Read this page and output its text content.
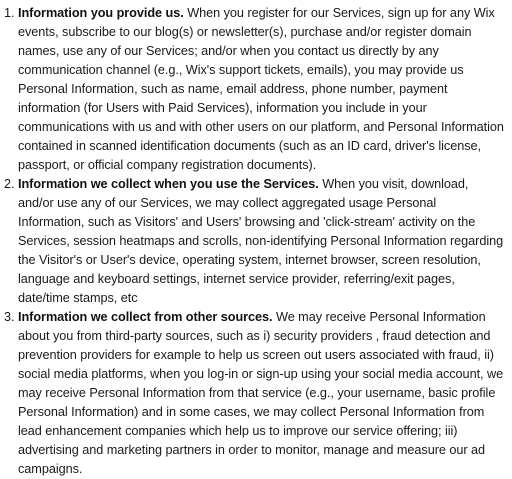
1. Information you provide us. When you register for our Services, sign up for any Wix events, subscribe to our blog(s) or newsletter(s), purchase and/or register domain names, use any of our Services; and/or when you contact us directly by any communication channel (e.g., Wix's support tickets, emails), you may provide us Personal Information, such as name, email address, phone number, payment information (for Users with Paid Services), information you include in your communications with us and with other users on our platform, and Personal Information contained in scanned identification documents (such as an ID card, driver's license, passport, or official company registration documents).
2. Information we collect when you use the Services. When you visit, download, and/or use any of our Services, we may collect aggregated usage Personal Information, such as Visitors' and Users' browsing and 'click-stream' activity on the Services, session heatmaps and scrolls, non-identifying Personal Information regarding the Visitor's or User's device, operating system, internet browser, screen resolution, language and keyboard settings, internet service provider, referring/exit pages, date/time stamps, etc
3. Information we collect from other sources. We may receive Personal Information about you from third-party sources, such as i) security providers , fraud detection and prevention providers for example to help us screen out users associated with fraud, ii) social media platforms, when you log-in or sign-up using your social media account, we may receive Personal Information from that service (e.g., your username, basic profile Personal Information) and in some cases, we may collect Personal Information from lead enhancement companies which help us to improve our service offering; iii) advertising and marketing partners in order to monitor, manage and measure our ad campaigns.
